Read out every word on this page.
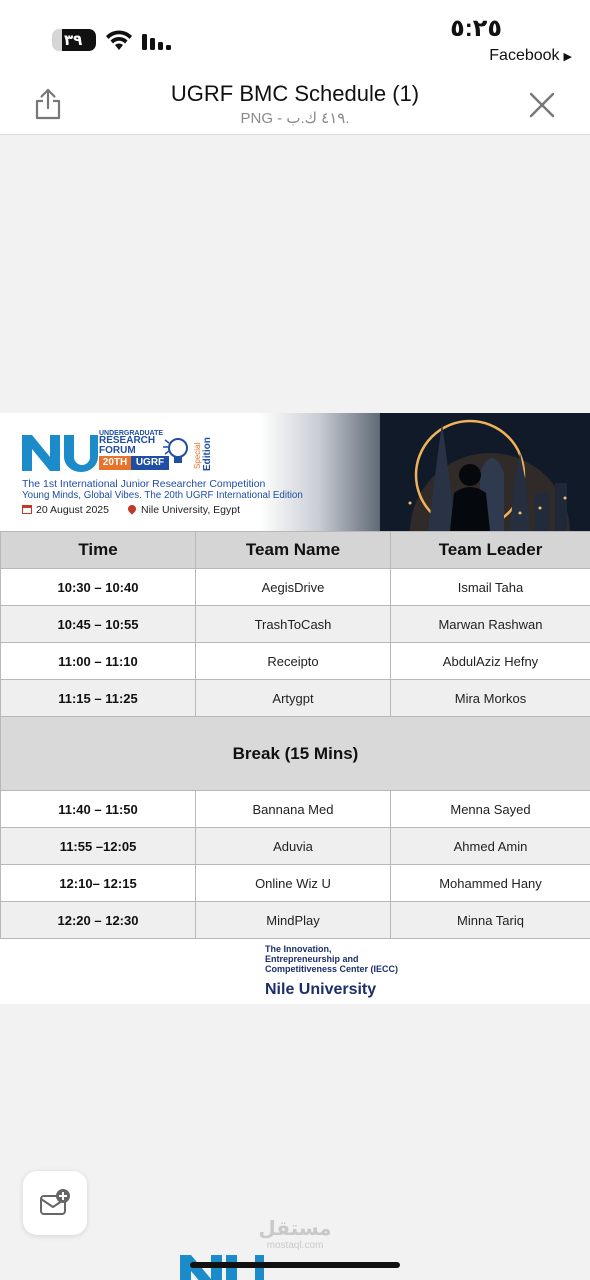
٣٩	٥:٢٥
Facebook ▶
UGRF BMC Schedule (1)
PNG - ٤١٩ ك.ب.
UNDERGRADUATE
RESEARCH
FORUM
20TH UGRF	Special Edition
The 1st International Junior Researcher Competition
Young Minds, Global Vibes. The 20th UGRF International Edition
20 August 2025	Nile University, Egypt
Time	Team Name	Team Leader
10:30 – 10:40	AegisDrive	Ismail Taha
10:45 – 10:55	TrashToCash	Marwan Rashwan
11:00 – 11:10	Receipto	AbdulAziz Hefny
11:15 – 11:25	Artygpt	Mira Morkos
Break (15 Mins)		
11:40 – 11:50	Bannana Med	Menna Sayed
11:55 –12:05	Aduvia	Ahmed Amin
12:10– 12:15	Online Wiz U	Mohammed Hany
12:20 – 12:30	MindPlay	Minna Tariq
The Innovation,
Entrepreneurship and
Competitiveness Center (IECC)
Nile University
مستقل
mostaql.com
